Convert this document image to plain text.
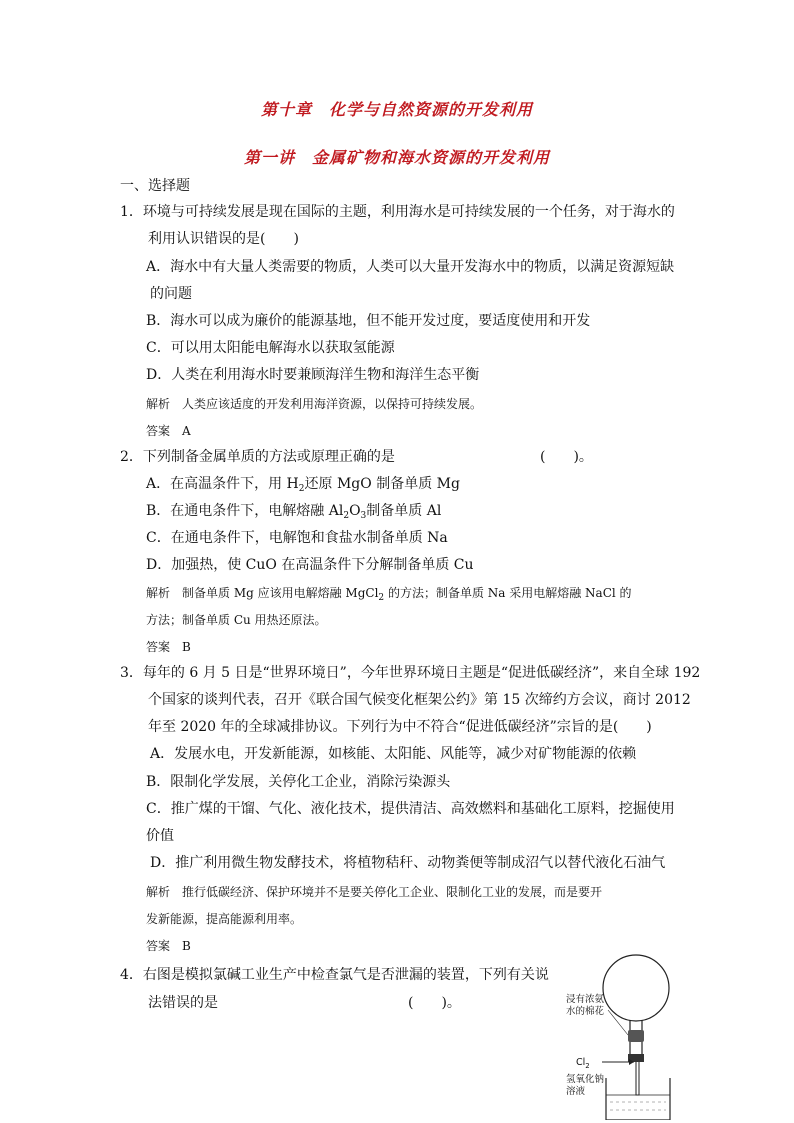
第十章　化学与自然资源的开发利用
第一讲　金属矿物和海水资源的开发利用
一、选择题
1．环境与可持续发展是现在国际的主题，利用海水是可持续发展的一个任务，对于海水的
利用认识错误的是(　　)
A．海水中有大量人类需要的物质，人类可以大量开发海水中的物质，以满足资源短缺
的问题
B．海水可以成为廉价的能源基地，但不能开发过度，要适度使用和开发
C．可以用太阳能电解海水以获取氢能源
D．人类在利用海水时要兼顾海洋生物和海洋生态平衡
解析　人类应该适度的开发利用海洋资源，以保持可持续发展。
答案　A
2．下列制备金属单质的方法或原理正确的是	(　　)。
A．在高温条件下，用 $H_2$还原 MgO 制备单质 Mg
B．在通电条件下，电解熔融 $Al_2O_3$制备单质 Al
C．在通电条件下，电解饱和食盐水制备单质 Na
D．加强热，使 CuO 在高温条件下分解制备单质 Cu
解析　制备单质 Mg 应该用电解熔融 MgCl$_2$ 的方法；制备单质 Na 采用电解熔融 NaCl 的
方法；制备单质 Cu 用热还原法。
答案　B
3．每年的 6 月 5 日是“世界环境日”，今年世界环境日主题是“促进低碳经济”，来自全球 192
个国家的谈判代表，召开《联合国气候变化框架公约》第 15 次缔约方会议，商讨 2012
年至 2020 年的全球减排协议。下列行为中不符合“促进低碳经济”宗旨的是(　　)
A．发展水电，开发新能源，如核能、太阳能、风能等，减少对矿物能源的依赖
B．限制化学发展，关停化工企业，消除污染源头
C．推广煤的干馏、气化、液化技术，提供清洁、高效燃料和基础化工原料，挖掘使用
价值
D．推广利用微生物发酵技术，将植物秸秆、动物粪便等制成沼气以替代液化石油气
解析　推行低碳经济、保护环境并不是要关停化工企业、限制化工业的发展，而是要开
发新能源，提高能源利用率。
答案　B
4．右图是模拟氯碱工业生产中检查氯气是否泄漏的装置，下列有关说
法错误的是	(　　)。	浸有浓氨
水的棉花
$Cl_2$
氢氧化钠
溶液
